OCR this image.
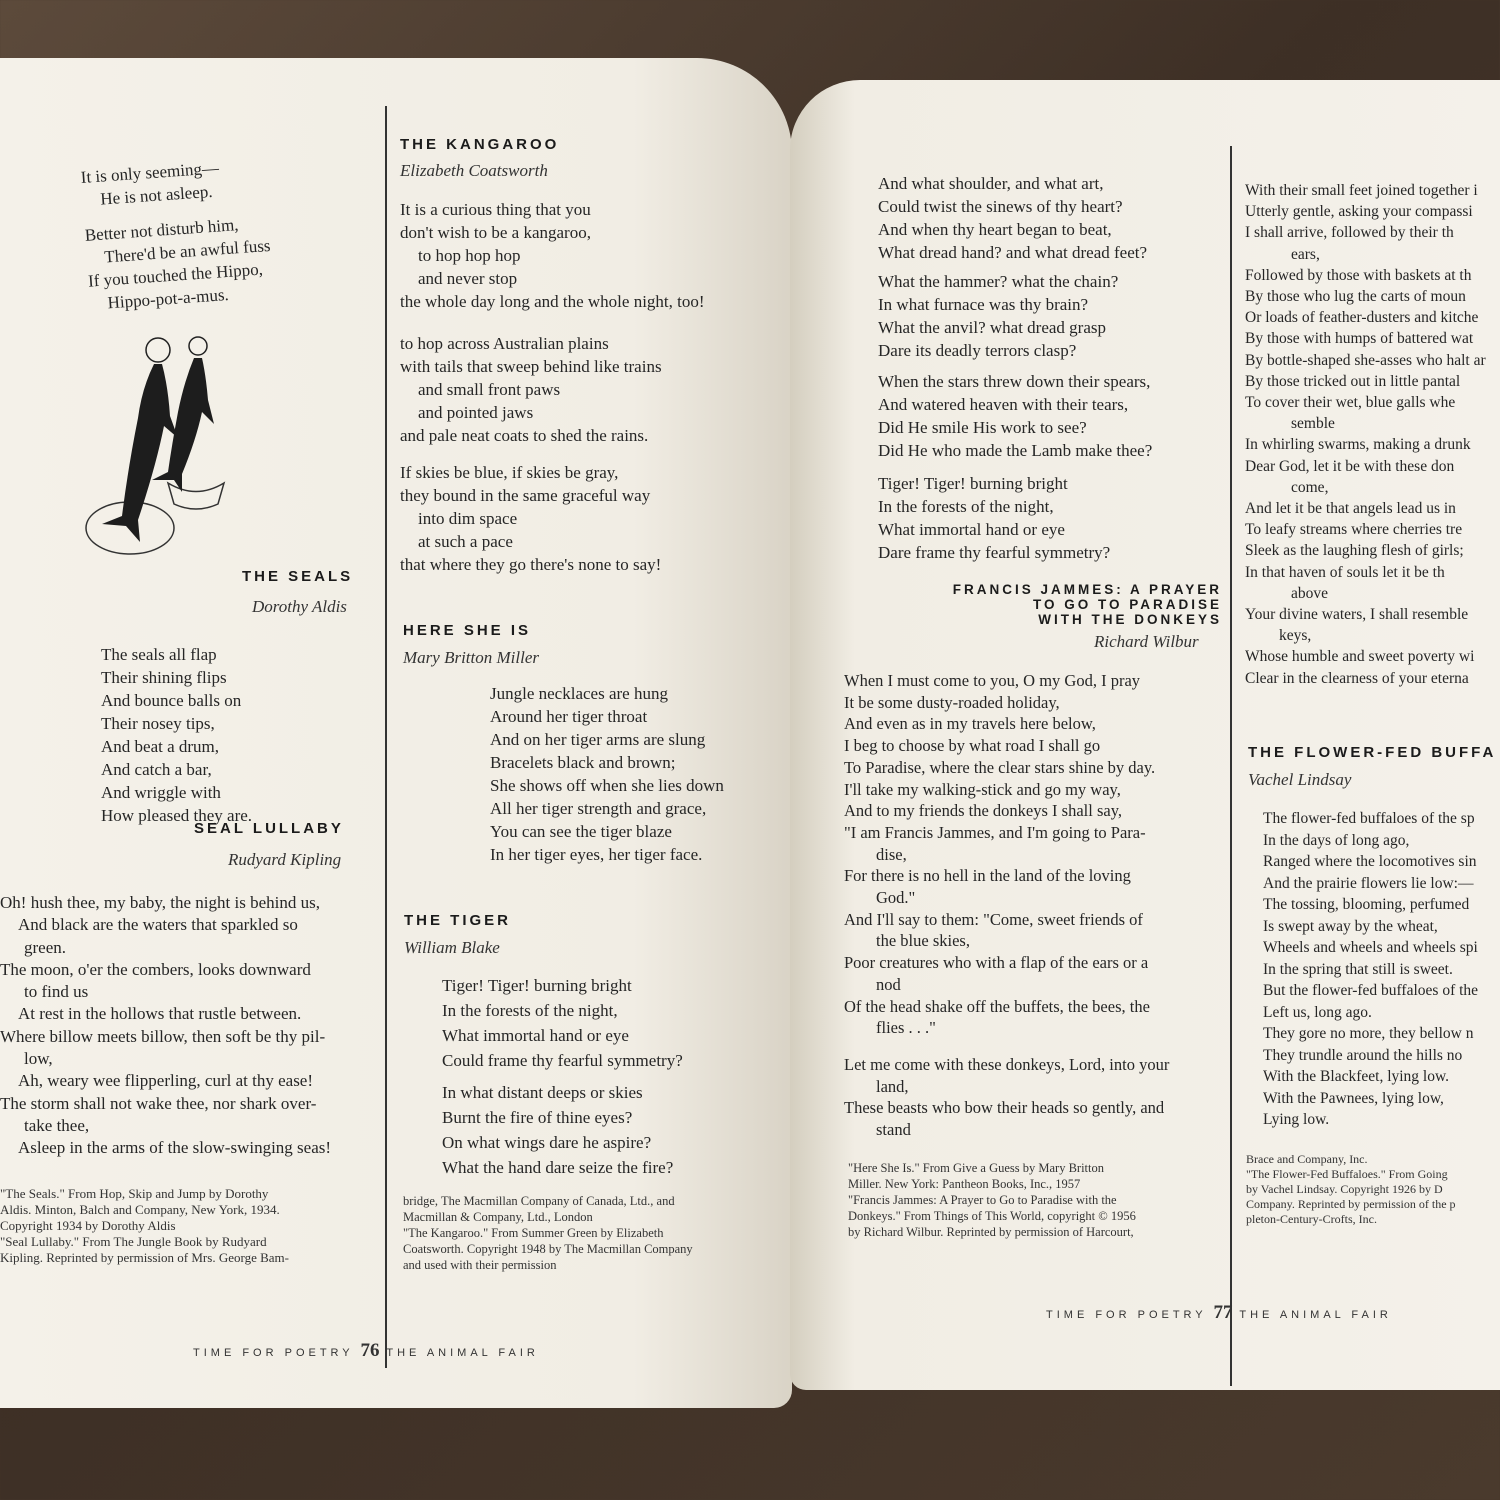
It is only seeming—
He is not asleep.
Better not disturb him,
There'd be an awful fuss
If you touched the Hippo,
Hippo-pot-a-mus.
THE SEALS

Dorothy Aldis

The seals all flap
Their shining flips
And bounce balls on
Their nosey tips,
And beat a drum,
And catch a bar,
And wriggle with
How pleased they are.
SEAL LULLABY

Rudyard Kipling

Oh! hush thee, my baby, the night is behind us,
And black are the waters that sparkled so
green.
The moon, o'er the combers, looks downward
to find us
At rest in the hollows that rustle between.
Where billow meets billow, then soft be thy pil-
low,
Ah, weary wee flipperling, curl at thy ease!
The storm shall not wake thee, nor shark over-
take thee,
Asleep in the arms of the slow-swinging seas!
"The Seals." From Hop, Skip and Jump by Dorothy
Aldis. Minton, Balch and Company, New York, 1934.
Copyright 1934 by Dorothy Aldis
"Seal Lullaby." From The Jungle Book by Rudyard
Kipling. Reprinted by permission of Mrs. George Bam-
THE KANGAROO

Elizabeth Coatsworth

It is a curious thing that you
don't wish to be a kangaroo,
to hop hop hop
and never stop
the whole day long and the whole night, too!
to hop across Australian plains
with tails that sweep behind like trains
and small front paws
and pointed jaws
and pale neat coats to shed the rains.
If skies be blue, if skies be gray,
they bound in the same graceful way
into dim space
at such a pace
that where they go there's none to say!
HERE SHE IS

Mary Britton Miller

Jungle necklaces are hung
Around her tiger throat
And on her tiger arms are slung
Bracelets black and brown;
She shows off when she lies down
All her tiger strength and grace,
You can see the tiger blaze
In her tiger eyes, her tiger face.
THE TIGER

William Blake

Tiger! Tiger! burning bright
In the forests of the night,
What immortal hand or eye
Could frame thy fearful symmetry?
In what distant deeps or skies
Burnt the fire of thine eyes?
On what wings dare he aspire?
What the hand dare seize the fire?
bridge, The Macmillan Company of Canada, Ltd., and
Macmillan & Company, Ltd., London
"The Kangaroo." From Summer Green by Elizabeth
Coatsworth. Copyright 1948 by The Macmillan Company
and used with their permission
TIME FOR POETRY 76 THE ANIMAL FAIR
And what shoulder, and what art,
Could twist the sinews of thy heart?
And when thy heart began to beat,
What dread hand? and what dread feet?
What the hammer? what the chain?
In what furnace was thy brain?
What the anvil? what dread grasp
Dare its deadly terrors clasp?
When the stars threw down their spears,
And watered heaven with their tears,
Did He smile His work to see?
Did He who made the Lamb make thee?
Tiger! Tiger! burning bright
In the forests of the night,
What immortal hand or eye
Dare frame thy fearful symmetry?
FRANCIS JAMMES: A PRAYER
TO GO TO PARADISE
WITH THE DONKEYS

Richard Wilbur

When I must come to you, O my God, I pray
It be some dusty-roaded holiday,
And even as in my travels here below,
I beg to choose by what road I shall go
To Paradise, where the clear stars shine by day.
I'll take my walking-stick and go my way,
And to my friends the donkeys I shall say,
"I am Francis Jammes, and I'm going to Para-
dise,
For there is no hell in the land of the loving
God."
And I'll say to them: "Come, sweet friends of
the blue skies,
Poor creatures who with a flap of the ears or a
nod
Of the head shake off the buffets, the bees, the
flies . . ."
Let me come with these donkeys, Lord, into your
land,
These beasts who bow their heads so gently, and
stand
"Here She Is." From Give a Guess by Mary Britton
Miller. New York: Pantheon Books, Inc., 1957
"Francis Jammes: A Prayer to Go to Paradise with the
Donkeys." From Things of This World, copyright © 1956
by Richard Wilbur. Reprinted by permission of Harcourt,
With their small feet joined together i
Utterly gentle, asking your compassi
I shall arrive, followed by their th
ears,
Followed by those with baskets at th
By those who lug the carts of moun
Or loads of feather-dusters and kitche
By those with humps of battered wat
By bottle-shaped she-asses who halt ar
By those tricked out in little pantal
To cover their wet, blue galls whe
semble
In whirling swarms, making a drunk
Dear God, let it be with these don
come,
And let it be that angels lead us in
To leafy streams where cherries tre
Sleek as the laughing flesh of girls;
In that haven of souls let it be th
above
Your divine waters, I shall resemble
keys,
Whose humble and sweet poverty wi
Clear in the clearness of your eterna
THE FLOWER-FED BUFFA

Vachel Lindsay

The flower-fed buffaloes of the sp
In the days of long ago,
Ranged where the locomotives sin
And the prairie flowers lie low:—
The tossing, blooming, perfumed
Is swept away by the wheat,
Wheels and wheels and wheels spi
In the spring that still is sweet.
But the flower-fed buffaloes of the
Left us, long ago.
They gore no more, they bellow n
They trundle around the hills no
With the Blackfeet, lying low.
With the Pawnees, lying low,
Lying low.
Brace and Company, Inc.
"The Flower-Fed Buffaloes." From Going
by Vachel Lindsay. Copyright 1926 by D
Company. Reprinted by permission of the p
pleton-Century-Crofts, Inc.
TIME FOR POETRY 77 THE ANIMAL FAIR
